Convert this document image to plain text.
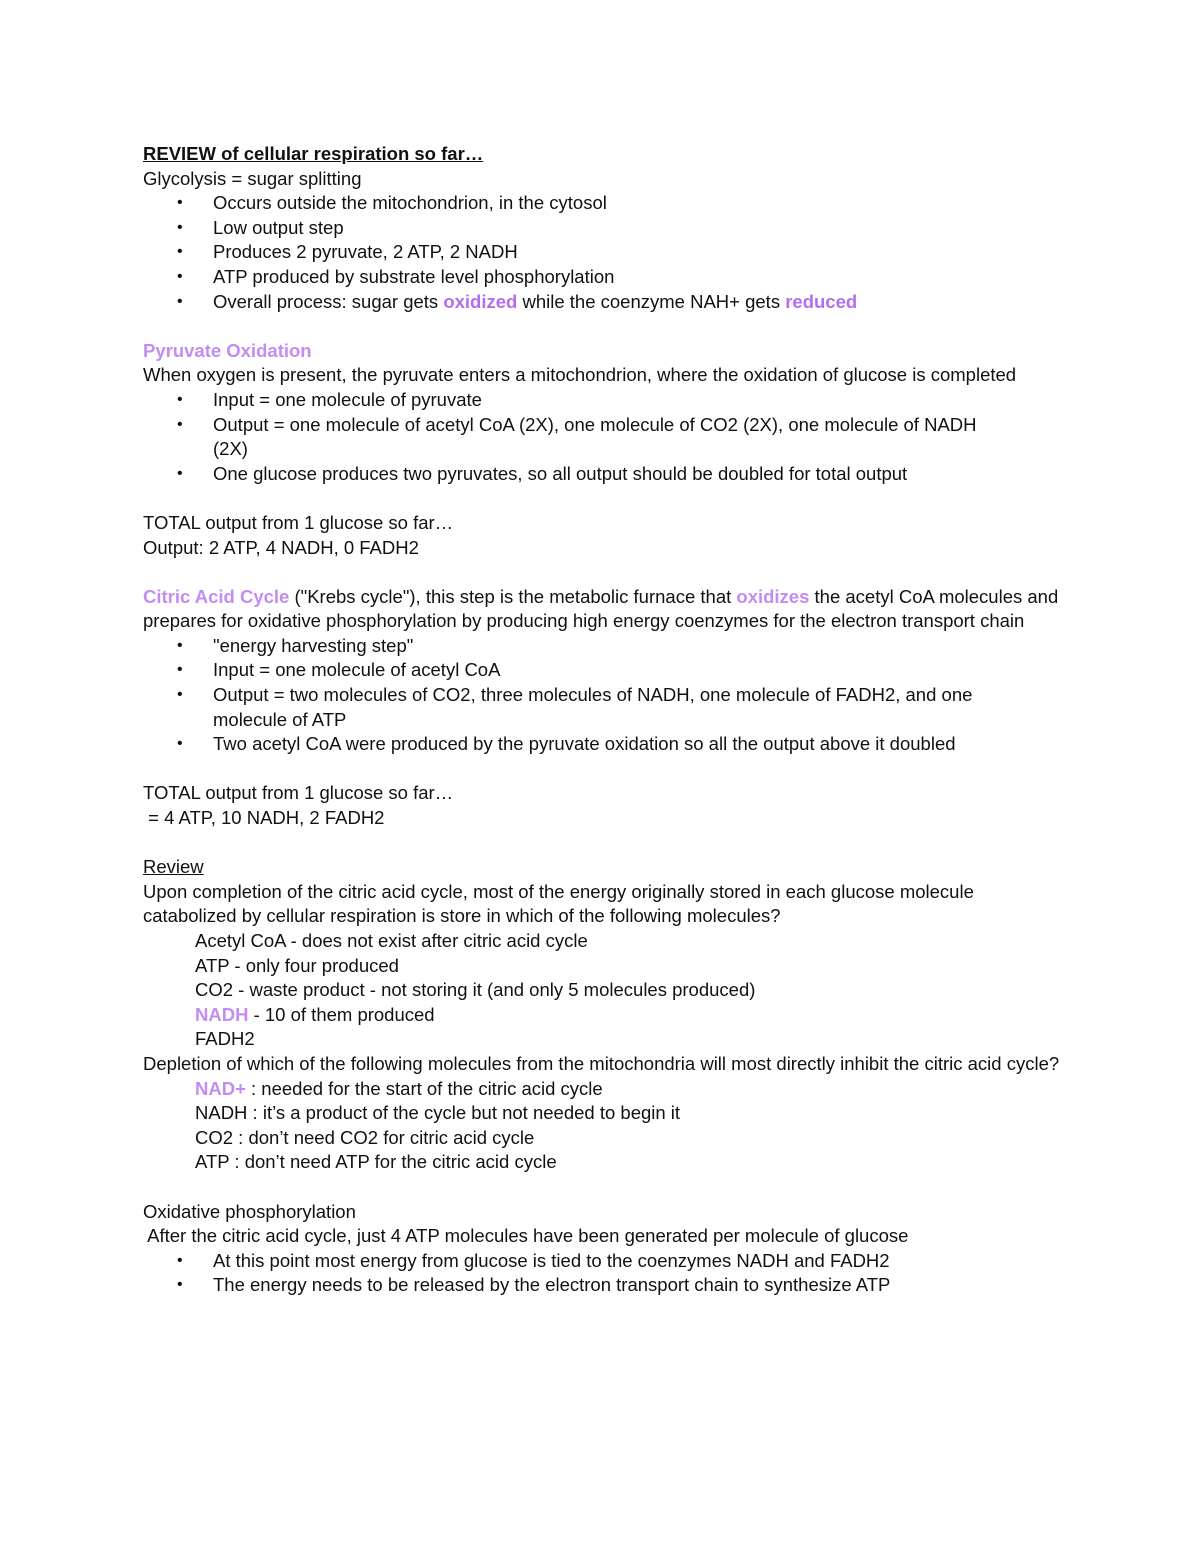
REVIEW of cellular respiration so far…

Glycolysis = sugar splitting

• Occurs outside the mitochondrion, in the cytosol
• Low output step
• Produces 2 pyruvate, 2 ATP, 2 NADH
• ATP produced by substrate level phosphorylation
• Overall process: sugar gets oxidized while the coenzyme NAH+ gets reduced

Pyruvate Oxidation

When oxygen is present, the pyruvate enters a mitochondrion, where the oxidation of glucose is completed

• Input = one molecule of pyruvate
• Output = one molecule of acetyl CoA (2X), one molecule of CO2 (2X), one molecule of NADH (2X)
• One glucose produces two pyruvates, so all output should be doubled for total output

TOTAL output from 1 glucose so far…

Output: 2 ATP, 4 NADH, 0 FADH2

Citric Acid Cycle ("Krebs cycle"), this step is the metabolic furnace that oxidizes the acetyl CoA molecules and prepares for oxidative phosphorylation by producing high energy coenzymes for the electron transport chain

• "energy harvesting step"
• Input = one molecule of acetyl CoA
• Output = two molecules of CO2, three molecules of NADH, one molecule of FADH2, and one molecule of ATP
• Two acetyl CoA were produced by the pyruvate oxidation so all the output above it doubled

TOTAL output from 1 glucose so far…

= 4 ATP, 10 NADH, 2 FADH2

Review

Upon completion of the citric acid cycle, most of the energy originally stored in each glucose molecule catabolized by cellular respiration is store in which of the following molecules?

Acetyl CoA - does not exist after citric acid cycle

ATP - only four produced

CO2 - waste product - not storing it (and only 5 molecules produced)

NADH - 10 of them produced

FADH2

Depletion of which of the following molecules from the mitochondria will most directly inhibit the citric acid cycle?

NAD+ : needed for the start of the citric acid cycle

NADH : it’s a product of the cycle but not needed to begin it

CO2 : don’t need CO2 for citric acid cycle

ATP : don’t need ATP for the citric acid cycle

Oxidative phosphorylation

After the citric acid cycle, just 4 ATP molecules have been generated per molecule of glucose

• At this point most energy from glucose is tied to the coenzymes NADH and FADH2
• The energy needs to be released by the electron transport chain to synthesize ATP
